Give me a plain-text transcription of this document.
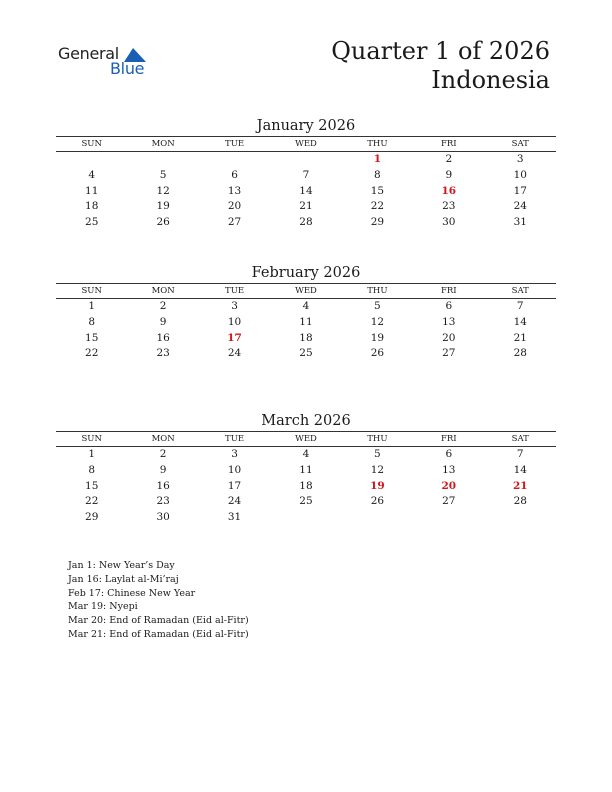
General
Blue
Quarter 1 of 2026
Indonesia
January 2026
SUN	MON	TUE	WED	THU	FRI	SAT
				1	2	3
4	5	6	7	8	9	10
11	12	13	14	15	16	17
18	19	20	21	22	23	24
25	26	27	28	29	30	31
February 2026
SUN	MON	TUE	WED	THU	FRI	SAT
1	2	3	4	5	6	7
8	9	10	11	12	13	14
15	16	17	18	19	20	21
22	23	24	25	26	27	28
March 2026
SUN	MON	TUE	WED	THU	FRI	SAT
1	2	3	4	5	6	7
8	9	10	11	12	13	14
15	16	17	18	19	20	21
22	23	24	25	26	27	28
29	30	31				
Jan 1: New Year’s Day
Jan 16: Laylat al-Mi’raj
Feb 17: Chinese New Year
Mar 19: Nyepi
Mar 20: End of Ramadan (Eid al-Fitr)
Mar 21: End of Ramadan (Eid al-Fitr)
